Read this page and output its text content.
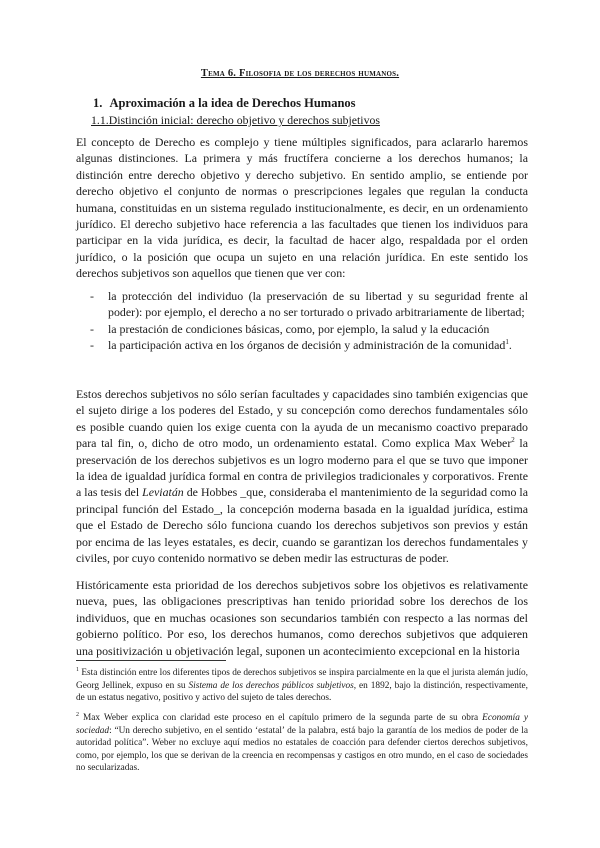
Tema 6. Filosofia de los derechos humanos.
1. Aproximación a la idea de Derechos Humanos
1.1.Distinción inicial: derecho objetivo y derechos subjetivos

El concepto de Derecho es complejo y tiene múltiples significados, para aclararlo haremos algunas distinciones. La primera y más fructífera concierne a los derechos humanos; la distinción entre derecho objetivo y derecho subjetivo. En sentido amplio, se entiende por derecho objetivo el conjunto de normas o prescripciones legales que regulan la conducta humana, constituidas en un sistema regulado institucionalmente, es decir, en un ordenamiento jurídico. El derecho subjetivo hace referencia a las facultades que tienen los individuos para participar en la vida jurídica, es decir, la facultad de hacer algo, respaldada por el orden jurídico, o la posición que ocupa un sujeto en una relación jurídica. En este sentido los derechos subjetivos son aquellos que tienen que ver con:

- la protección del individuo (la preservación de su libertad y su seguridad frente al poder): por ejemplo, el derecho a no ser torturado o privado arbitrariamente de libertad;
- la prestación de condiciones básicas, como, por ejemplo, la salud y la educación
- la participación activa en los órganos de decisión y administración de la comunidad$^1$.

Estos derechos subjetivos no sólo serían facultades y capacidades sino también exigencias que el sujeto dirige a los poderes del Estado, y su concepción como derechos fundamentales sólo es posible cuando quien los exige cuenta con la ayuda de un mecanismo coactivo preparado para tal fin, o, dicho de otro modo, un ordenamiento estatal. Como explica Max Weber$^2$ la preservación de los derechos subjetivos es un logro moderno para el que se tuvo que imponer la idea de igualdad jurídica formal en contra de privilegios tradicionales y corporativos. Frente a las tesis del Leviatán de Hobbes _que, consideraba el mantenimiento de la seguridad como la principal función del Estado_, la concepción moderna basada en la igualdad jurídica, estima que el Estado de Derecho sólo funciona cuando los derechos subjetivos son previos y están por encima de las leyes estatales, es decir, cuando se garantizan los derechos fundamentales y civiles, por cuyo contenido normativo se deben medir las estructuras de poder.

Históricamente esta prioridad de los derechos subjetivos sobre los objetivos es relativamente nueva, pues, las obligaciones prescriptivas han tenido prioridad sobre los derechos de los individuos, que en muchas ocasiones son secundarios también con respecto a las normas del gobierno político. Por eso, los derechos humanos, como derechos subjetivos que adquieren una positivización u objetivación legal, suponen un acontecimiento excepcional en la historia

$^1$ Esta distinción entre los diferentes tipos de derechos subjetivos se inspira parcialmente en la que el jurista alemán judío, Georg Jellinek, expuso en su Sistema de los derechos públicos subjetivos, en 1892, bajo la distinción, respectivamente, de un estatus negativo, positivo y activo del sujeto de tales derechos.

$^2$ Max Weber explica con claridad este proceso en el capítulo primero de la segunda parte de su obra Economía y sociedad: “Un derecho subjetivo, en el sentido ‘estatal’ de la palabra, está bajo la garantía de los medios de poder de la autoridad política”. Weber no excluye aquí medios no estatales de coacción para defender ciertos derechos subjetivos, como, por ejemplo, los que se derivan de la creencia en recompensas y castigos en otro mundo, en el caso de sociedades no secularizadas.
